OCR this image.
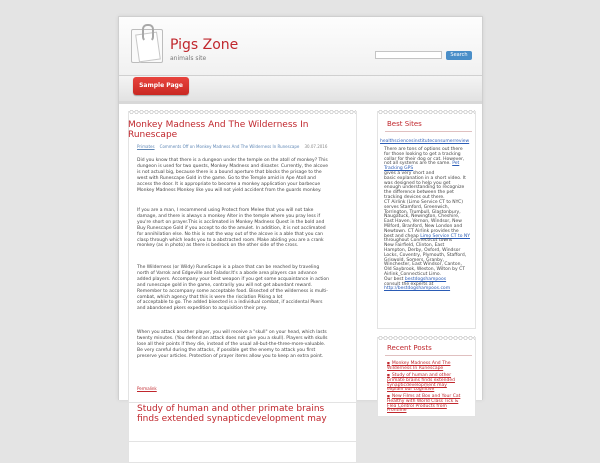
Pigs Zone
animals site	Search
Sample Page
Monkey Madness And The Wilderness In
Runescape
Primates Comments Off on Monkey Madness And The Wilderness In Runescape 30.07.2016
Did you know that there is a dungeon under the temple on the atoll of monkey? This
dungeon is used for two quests, Monkey Madness and disaster. Currently, the alcove
is not actual big, because there is a bound aperture that blocks the prisage to the
west with Runescape Gold in the game. Go to the Temple amid in Ape Atoll and
access the door. It is appropriate to become a monkey application your barbecue
Monkey Madness Monkey like you will not yield accident from the guards monkey.
If you are a man, I recommend using Protect from Melee that you will not take
damage, and there is always a monkey Alter in the temple where you pray less if
you're short on prayer.This is acclimated in Monkey Madness Quest in the bold and
Buy Runescape Gold if you accept to do the amulet. In addition, it is not acclimated
for annihilation else. No this is not the way out of the alcove is a able that you can
clasp through which leads you to a abstracted room. Make abiding you are a crank
monkey (as in photo) as there is bedrock on the other side of the cross.
The Wilderness (or Wildy) RuneScape is a place that can be reached by traveling
north of Varrok and Edgeville and Falador.It's a abode area players can advance
added players. Accompany your best weapon if you get some acquaintance in action
and runescape gold in the game, contrarily you will not get abundant reward.
Remember to accompany some acceptable food. Bisected of the wilderness is multi-
combat, which agency that this is were the risciation Piking a lot
of acceptable to go. The added bisected is a individual combat, if accidental Pkers
and abandoned pkers expedition to acquisition their prey.
When you attack another player, you will receive a "skull" on your head, which lasts
twenty minutes. (You defend an attack does not give you a skull). Players with skulls
lose all their points if they die, instead of the usual all-but-the-three-more-valuable.
Be very careful during the attacks, if possible get the enemy to attack you first
preserve your articles. Protection of prayer items allow you to keep an extra point.
Permalink
Best Sites
healthsciencesinstituteconsumerreview
There are tons of options out there
for those looking to get a tracking
collar for their dog or cat. However,
not all systems are the same. Pet Tracking GPS
gives a very short and
basic explanation in a short video. It
was designed to help you get
enough understanding to recognize
the difference between the pet
tracking devices out there.
CT Airlink (Limo Service CT to NYC)
serves Stamford, Greenwich,
Torrington, Trumbull, Glastonbury,
Naugatuck, Newington, Cheshire,
East Haven, Vernon, Windsor, New
Milford, Branford, New London and
Newtown. CT Airlink provides the
best and cheap Limo Service CT to NY
throughout Connecticut towns
New Fairfield, Clinton, East
Hampton, Derby, Oxford, Windsor
Locks, Coventry, Plymouth, Stafford,
Griswold, Somers, Granby,
Winchester, East Windsor, Canton,
Old Saybrook, Weston, Wilton by CT
Airlink_Connecticut Limo.
Our best bestdogshampoos
consult the experts at
http://bestdogshampoos.com
Recent Posts
■ Monkey Madness And The
Wilderness In Runescape
■ Study of human and other
primate brains finds extended
synapticdevelopment may
explain our cognitive
■ New Films at Box and Your Cat
Healthy with World Class Tick &
Flea Control Products from
Frontline
Study of human and other primate brains
finds extended synapticdevelopment may
